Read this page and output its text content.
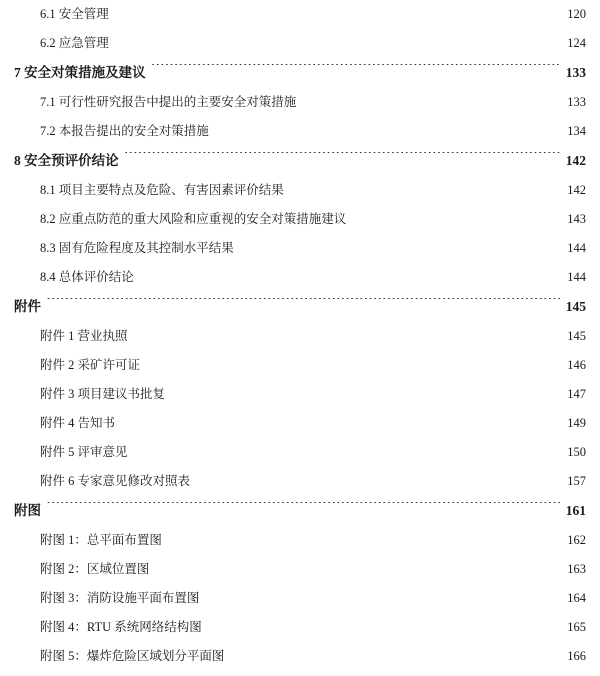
6.1 安全管理 .....	120
6.2 应急管理 .....	124
7 安全对策措施及建议 .....	133
7.1 可行性研究报告中提出的主要安全对策措施 .....	133
7.2 本报告提出的安全对策措施 .....	134
8 安全预评价结论 .....	142
8.1 项目主要特点及危险、有害因素评价结果 .....	142
8.2 应重点防范的重大风险和应重视的安全对策措施建议 .....	143
8.3 固有危险程度及其控制水平结果 .....	144
8.4 总体评价结论 .....	144
附件 .....	145
附件 1 营业执照 .....	145
附件 2 采矿许可证 .....	146
附件 3 项目建议书批复 .....	147
附件 4 告知书 .....	149
附件 5 评审意见 .....	150
附件 6 专家意见修改对照表 .....	157
附图 .....	161
附图 1：总平面布置图 .....	162
附图 2：区域位置图 .....	163
附图 3：消防设施平面布置图 .....	164
附图 4：RTU 系统网络结构图 .....	165
附图 5：爆炸危险区域划分平面图 .....	166
